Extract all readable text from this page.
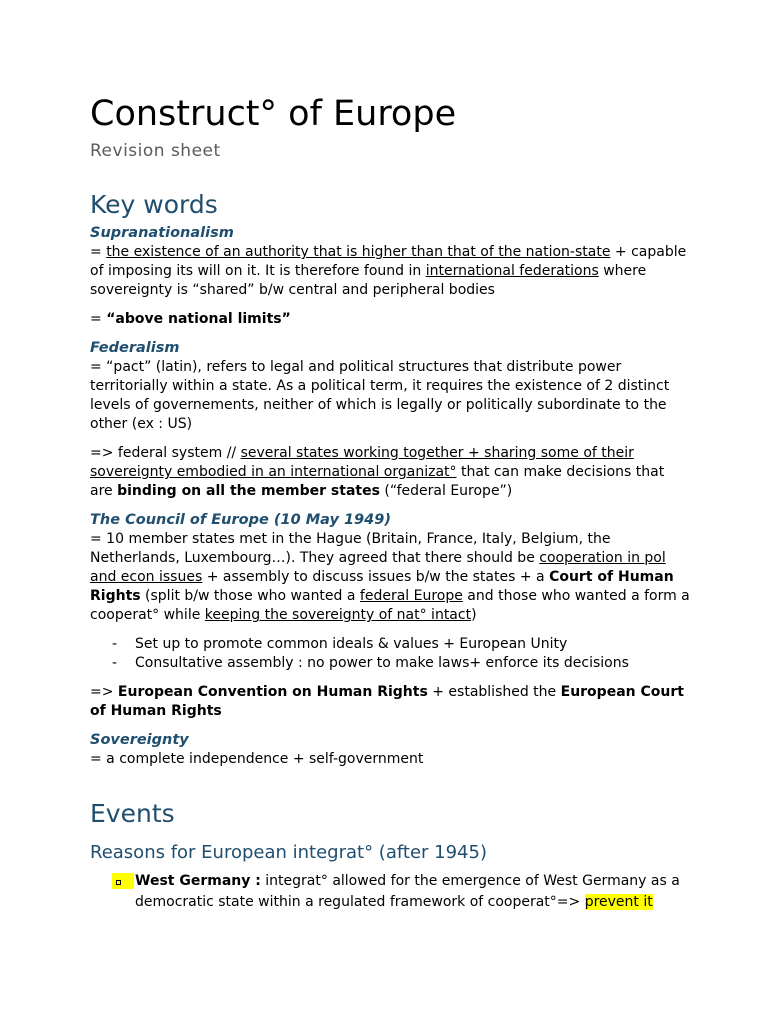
Construct° of Europe
Revision sheet
Key words
Supranationalism

= the existence of an authority that is higher than that of the nation-state + capable of imposing its will on it. It is therefore found in international federations where sovereignty is “shared” b/w central and peripheral bodies

= “above national limits”

Federalism

= “pact” (latin), refers to legal and political structures that distribute power territorially within a state. As a political term, it requires the existence of 2 distinct levels of governements, neither of which is legally or politically subordinate to the other (ex : US)

=> federal system // several states working together + sharing some of their sovereignty embodied in an international organizat° that can make decisions that are binding on all the member states (“federal Europe”)

The Council of Europe (10 May 1949)

= 10 member states met in the Hague (Britain, France, Italy, Belgium, the Netherlands, Luxembourg…). They agreed that there should be cooperation in pol and econ issues + assembly to discuss issues b/w the states + a Court of Human Rights (split b/w those who wanted a federal Europe and those who wanted a form a cooperat° while keeping the sovereignty of nat° intact)

- Set up to promote common ideals & values + European Unity
- Consultative assembly : no power to make laws+ enforce its decisions

=> European Convention on Human Rights + established the European Court of Human Rights

Sovereignty

= a complete independence + self-government

Events
Reasons for European integrat° (after 1945)
West Germany : integrat° allowed for the emergence of West Germany as a democratic state within a regulated framework of cooperat°=> prevent it
